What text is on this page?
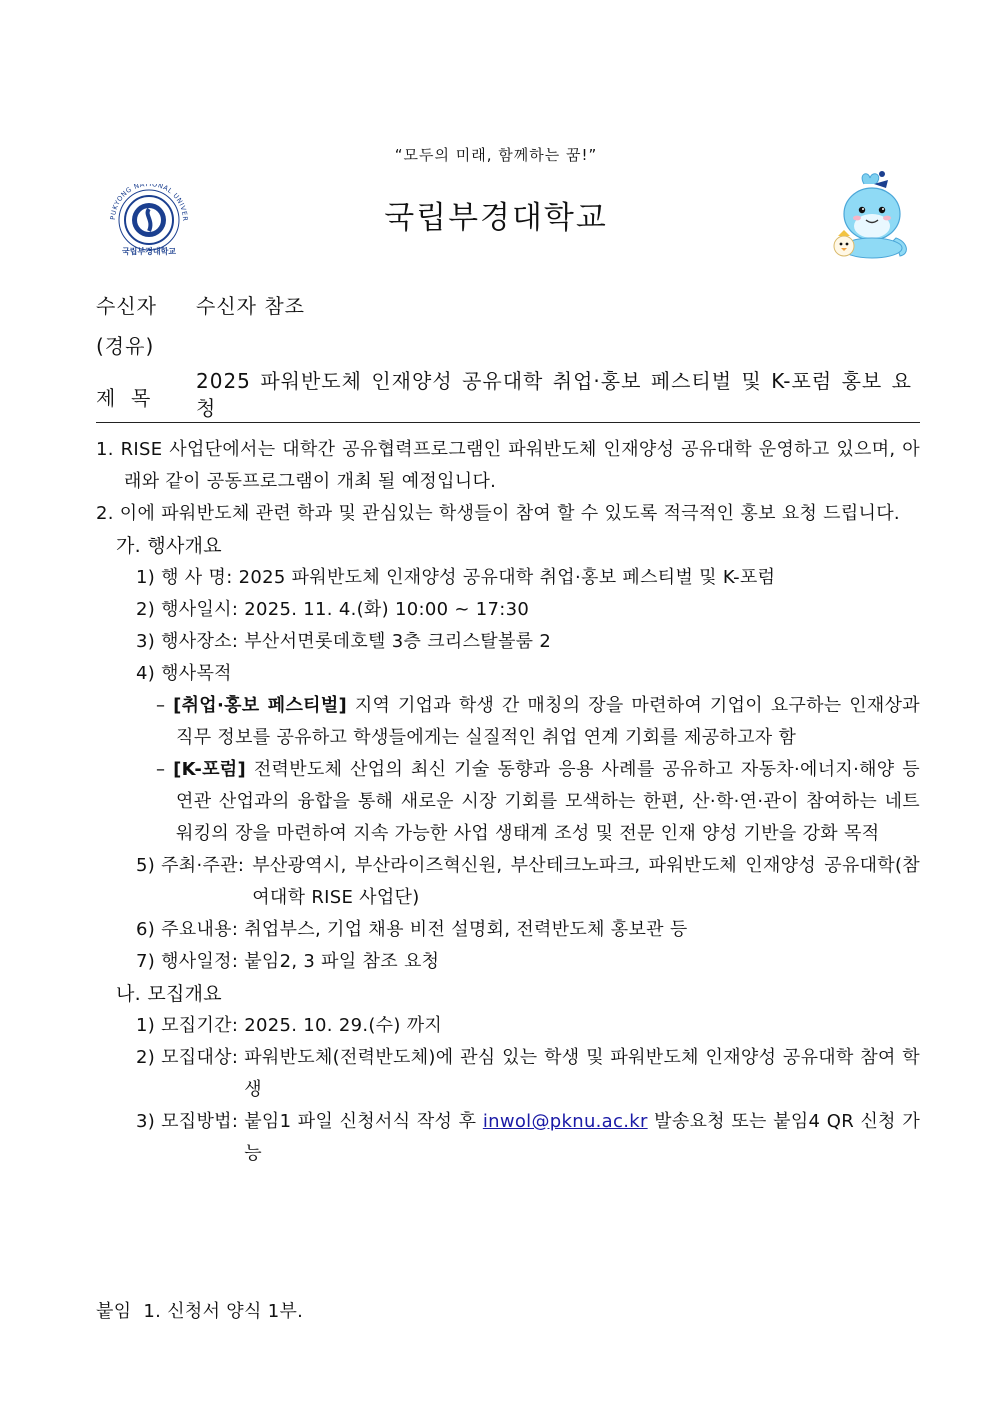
“모두의 미래, 함께하는 꿈!”
PUKYONG NATIONAL UNIVER
국립부경대학교
국립부경대학교
수신자 수신자 참조
(경유)
제  목
2025 파워반도체 인재양성 공유대학 취업·홍보 페스티벌 및 K-포럼 홍보 요청
1. RISE 사업단에서는 대학간 공유협력프로그램인 파워반도체 인재양성 공유대학 운영하고 있으며, 아래와 같이 공동프로그램이 개최 될 예정입니다.
2. 이에 파워반도체 관련 학과 및 관심있는 학생들이 참여 할 수 있도록 적극적인 홍보 요청 드립니다.
가. 행사개요
1) 행 사 명: 2025 파워반도체 인재양성 공유대학 취업·홍보 페스티벌 및 K-포럼
2) 행사일시: 2025. 11. 4.(화) 10:00 ~ 17:30
3) 행사장소: 부산서면롯데호텔 3층 크리스탈볼룸 2
4) 행사목적
– [취업·홍보 페스티벌] 지역 기업과 학생 간 매칭의 장을 마련하여 기업이 요구하는 인재상과 직무 정보를 공유하고 학생들에게는 실질적인 취업 연계 기회를 제공하고자 함
– [K-포럼] 전력반도체 산업의 최신 기술 동향과 응용 사례를 공유하고 자동차·에너지·해양 등 연관 산업과의 융합을 통해 새로운 시장 기회를 모색하는 한편, 산·학·연·관이 참여하는 네트워킹의 장을 마련하여 지속 가능한 사업 생태계 조성 및 전문 인재 양성 기반을 강화 목적
5) 주최·주관: 부산광역시, 부산라이즈혁신원, 부산테크노파크, 파워반도체 인재양성 공유대학(참여대학 RISE 사업단)
6) 주요내용: 취업부스, 기업 채용 비전 설명회, 전력반도체 홍보관 등
7) 행사일정: 붙임2, 3 파일 참조 요청
나. 모집개요
1) 모집기간: 2025. 10. 29.(수) 까지
2) 모집대상: 파워반도체(전력반도체)에 관심 있는 학생 및 파워반도체 인재양성 공유대학 참여 학생
3) 모집방법: 붙임1 파일 신청서식 작성 후 inwol@pknu.ac.kr 발송요청 또는 붙임4 QR 신청 가능
붙임  1. 신청서 양식 1부.
